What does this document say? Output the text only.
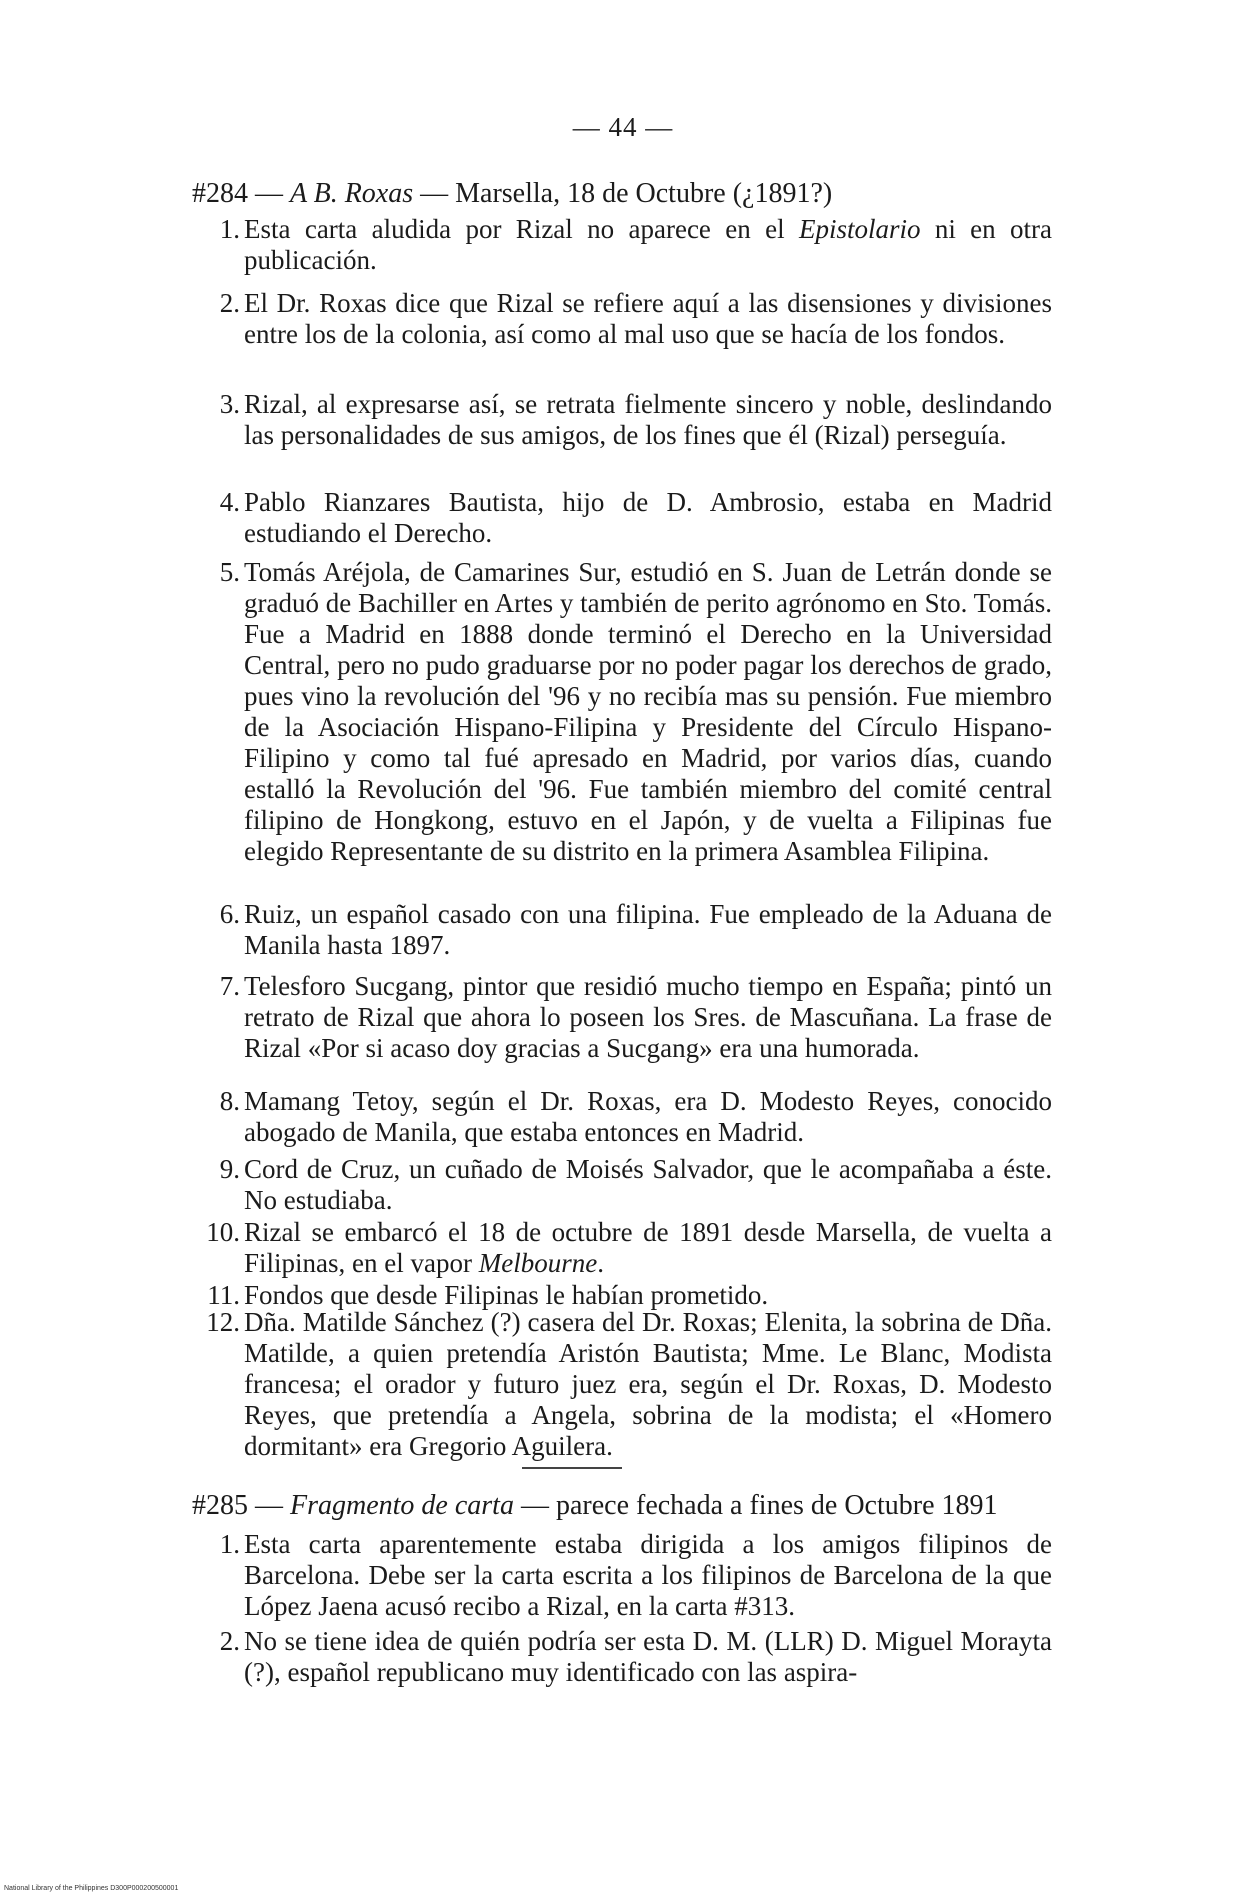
— 44 —
#284 — A B. Roxas — Marsella, 18 de Octubre (¿1891?)
1. Esta carta aludida por Rizal no aparece en el Epistolario ni en otra publicación.
2. El Dr. Roxas dice que Rizal se refiere aquí a las disensiones y divisiones entre los de la colonia, así como al mal uso que se hacía de los fondos.
3. Rizal, al expresarse así, se retrata fielmente sincero y noble, deslindando las personalidades de sus amigos, de los fines que él (Rizal) perseguía.
4. Pablo Rianzares Bautista, hijo de D. Ambrosio, estaba en Madrid estudiando el Derecho.
5. Tomás Aréjola, de Camarines Sur, estudió en S. Juan de Letrán donde se graduó de Bachiller en Artes y también de perito agrónomo en Sto. Tomás. Fue a Madrid en 1888 donde terminó el Derecho en la Universidad Central, pero no pudo graduarse por no poder pagar los derechos de grado, pues vino la revolución del '96 y no recibía mas su pensión. Fue miembro de la Asociación Hispano-Filipina y Presidente del Círculo Hispano-Filipino y como tal fué apresado en Madrid, por varios días, cuando estalló la Revolución del '96. Fue también miembro del comité central filipino de Hongkong, estuvo en el Japón, y de vuelta a Filipinas fue elegido Representante de su distrito en la primera Asamblea Filipina.
6. Ruiz, un español casado con una filipina. Fue empleado de la Aduana de Manila hasta 1897.
7. Telesforo Sucgang, pintor que residió mucho tiempo en España; pintó un retrato de Rizal que ahora lo poseen los Sres. de Mascuñana. La frase de Rizal «Por si acaso doy gracias a Sucgang» era una humorada.
8. Mamang Tetoy, según el Dr. Roxas, era D. Modesto Reyes, conocido abogado de Manila, que estaba entonces en Madrid.
9. Cord de Cruz, un cuñado de Moisés Salvador, que le acompañaba a éste. No estudiaba.
10. Rizal se embarcó el 18 de octubre de 1891 desde Marsella, de vuelta a Filipinas, en el vapor Melbourne.
11. Fondos que desde Filipinas le habían prometido.
12. Dña. Matilde Sánchez (?) casera del Dr. Roxas; Elenita, la sobrina de Dña. Matilde, a quien pretendía Aristón Bautista; Mme. Le Blanc, Modista francesa; el orador y futuro juez era, según el Dr. Roxas, D. Modesto Reyes, que pretendía a Angela, sobrina de la modista; el «Homero dormitant» era Gregorio Aguilera.
#285 — Fragmento de carta — parece fechada a fines de Octubre 1891
1. Esta carta aparentemente estaba dirigida a los amigos filipinos de Barcelona. Debe ser la carta escrita a los filipinos de Barcelona de la que López Jaena acusó recibo a Rizal, en la carta #313.
2. No se tiene idea de quién podría ser esta D. M. (LLR) D. Miguel Morayta (?), español republicano muy identificado con las aspira-
National Library of the Philippines D300P000200500001
